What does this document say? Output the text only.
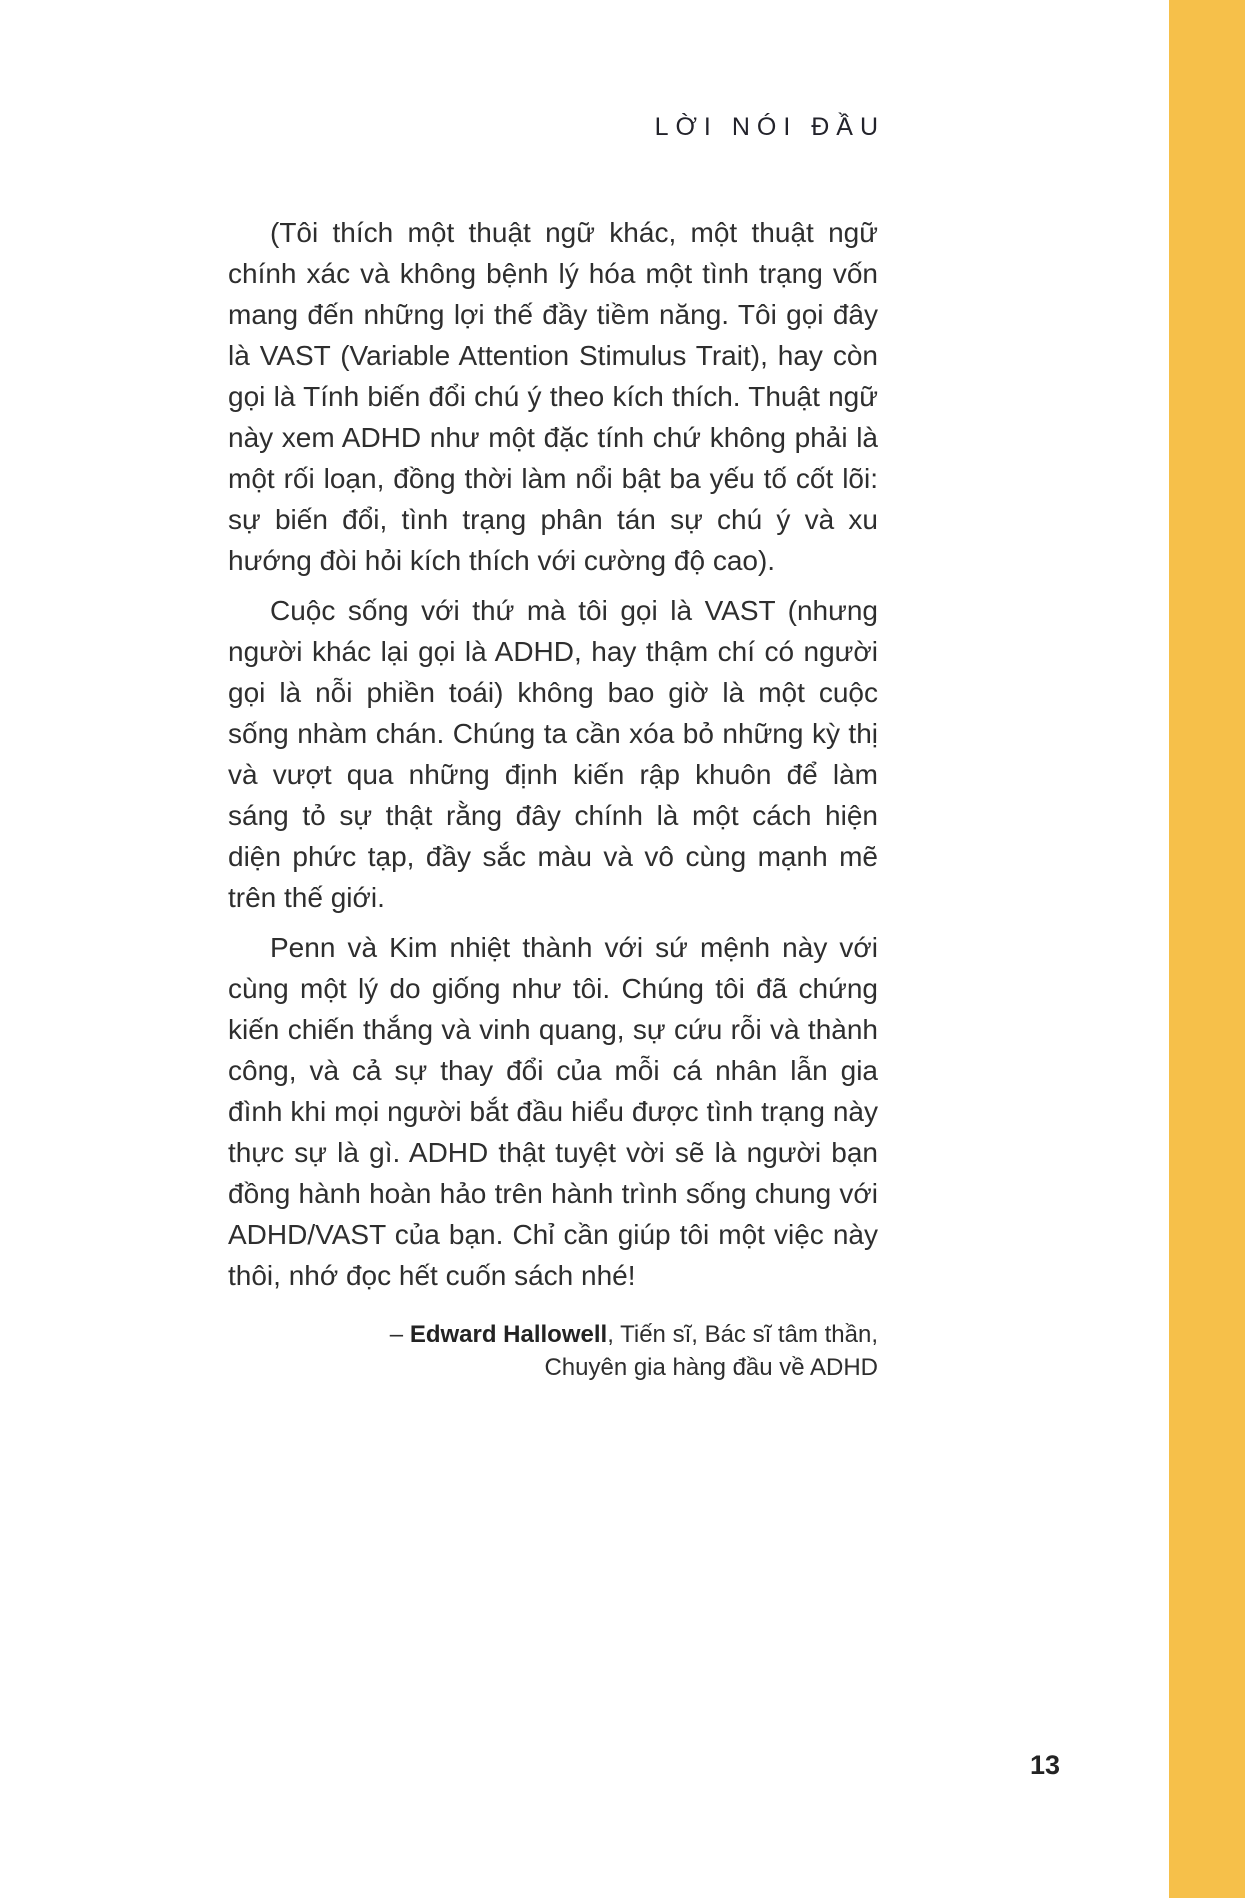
LỜI NÓI ĐẦU

(Tôi thích một thuật ngữ khác, một thuật ngữ chính xác và không bệnh lý hóa một tình trạng vốn mang đến những lợi thế đầy tiềm năng. Tôi gọi đây là VAST (Variable Attention Stimulus Trait), hay còn gọi là Tính biến đổi chú ý theo kích thích. Thuật ngữ này xem ADHD như một đặc tính chứ không phải là một rối loạn, đồng thời làm nổi bật ba yếu tố cốt lõi: sự biến đổi, tình trạng phân tán sự chú ý và xu hướng đòi hỏi kích thích với cường độ cao).

Cuộc sống với thứ mà tôi gọi là VAST (nhưng người khác lại gọi là ADHD, hay thậm chí có người gọi là nỗi phiền toái) không bao giờ là một cuộc sống nhàm chán. Chúng ta cần xóa bỏ những kỳ thị và vượt qua những định kiến rập khuôn để làm sáng tỏ sự thật rằng đây chính là một cách hiện diện phức tạp, đầy sắc màu và vô cùng mạnh mẽ trên thế giới.

Penn và Kim nhiệt thành với sứ mệnh này với cùng một lý do giống như tôi. Chúng tôi đã chứng kiến chiến thắng và vinh quang, sự cứu rỗi và thành công, và cả sự thay đổi của mỗi cá nhân lẫn gia đình khi mọi người bắt đầu hiểu được tình trạng này thực sự là gì. ADHD thật tuyệt vời sẽ là người bạn đồng hành hoàn hảo trên hành trình sống chung với ADHD/VAST của bạn. Chỉ cần giúp tôi một việc này thôi, nhớ đọc hết cuốn sách nhé!

– Edward Hallowell, Tiến sĩ, Bác sĩ tâm thần,
Chuyên gia hàng đầu về ADHD
13
